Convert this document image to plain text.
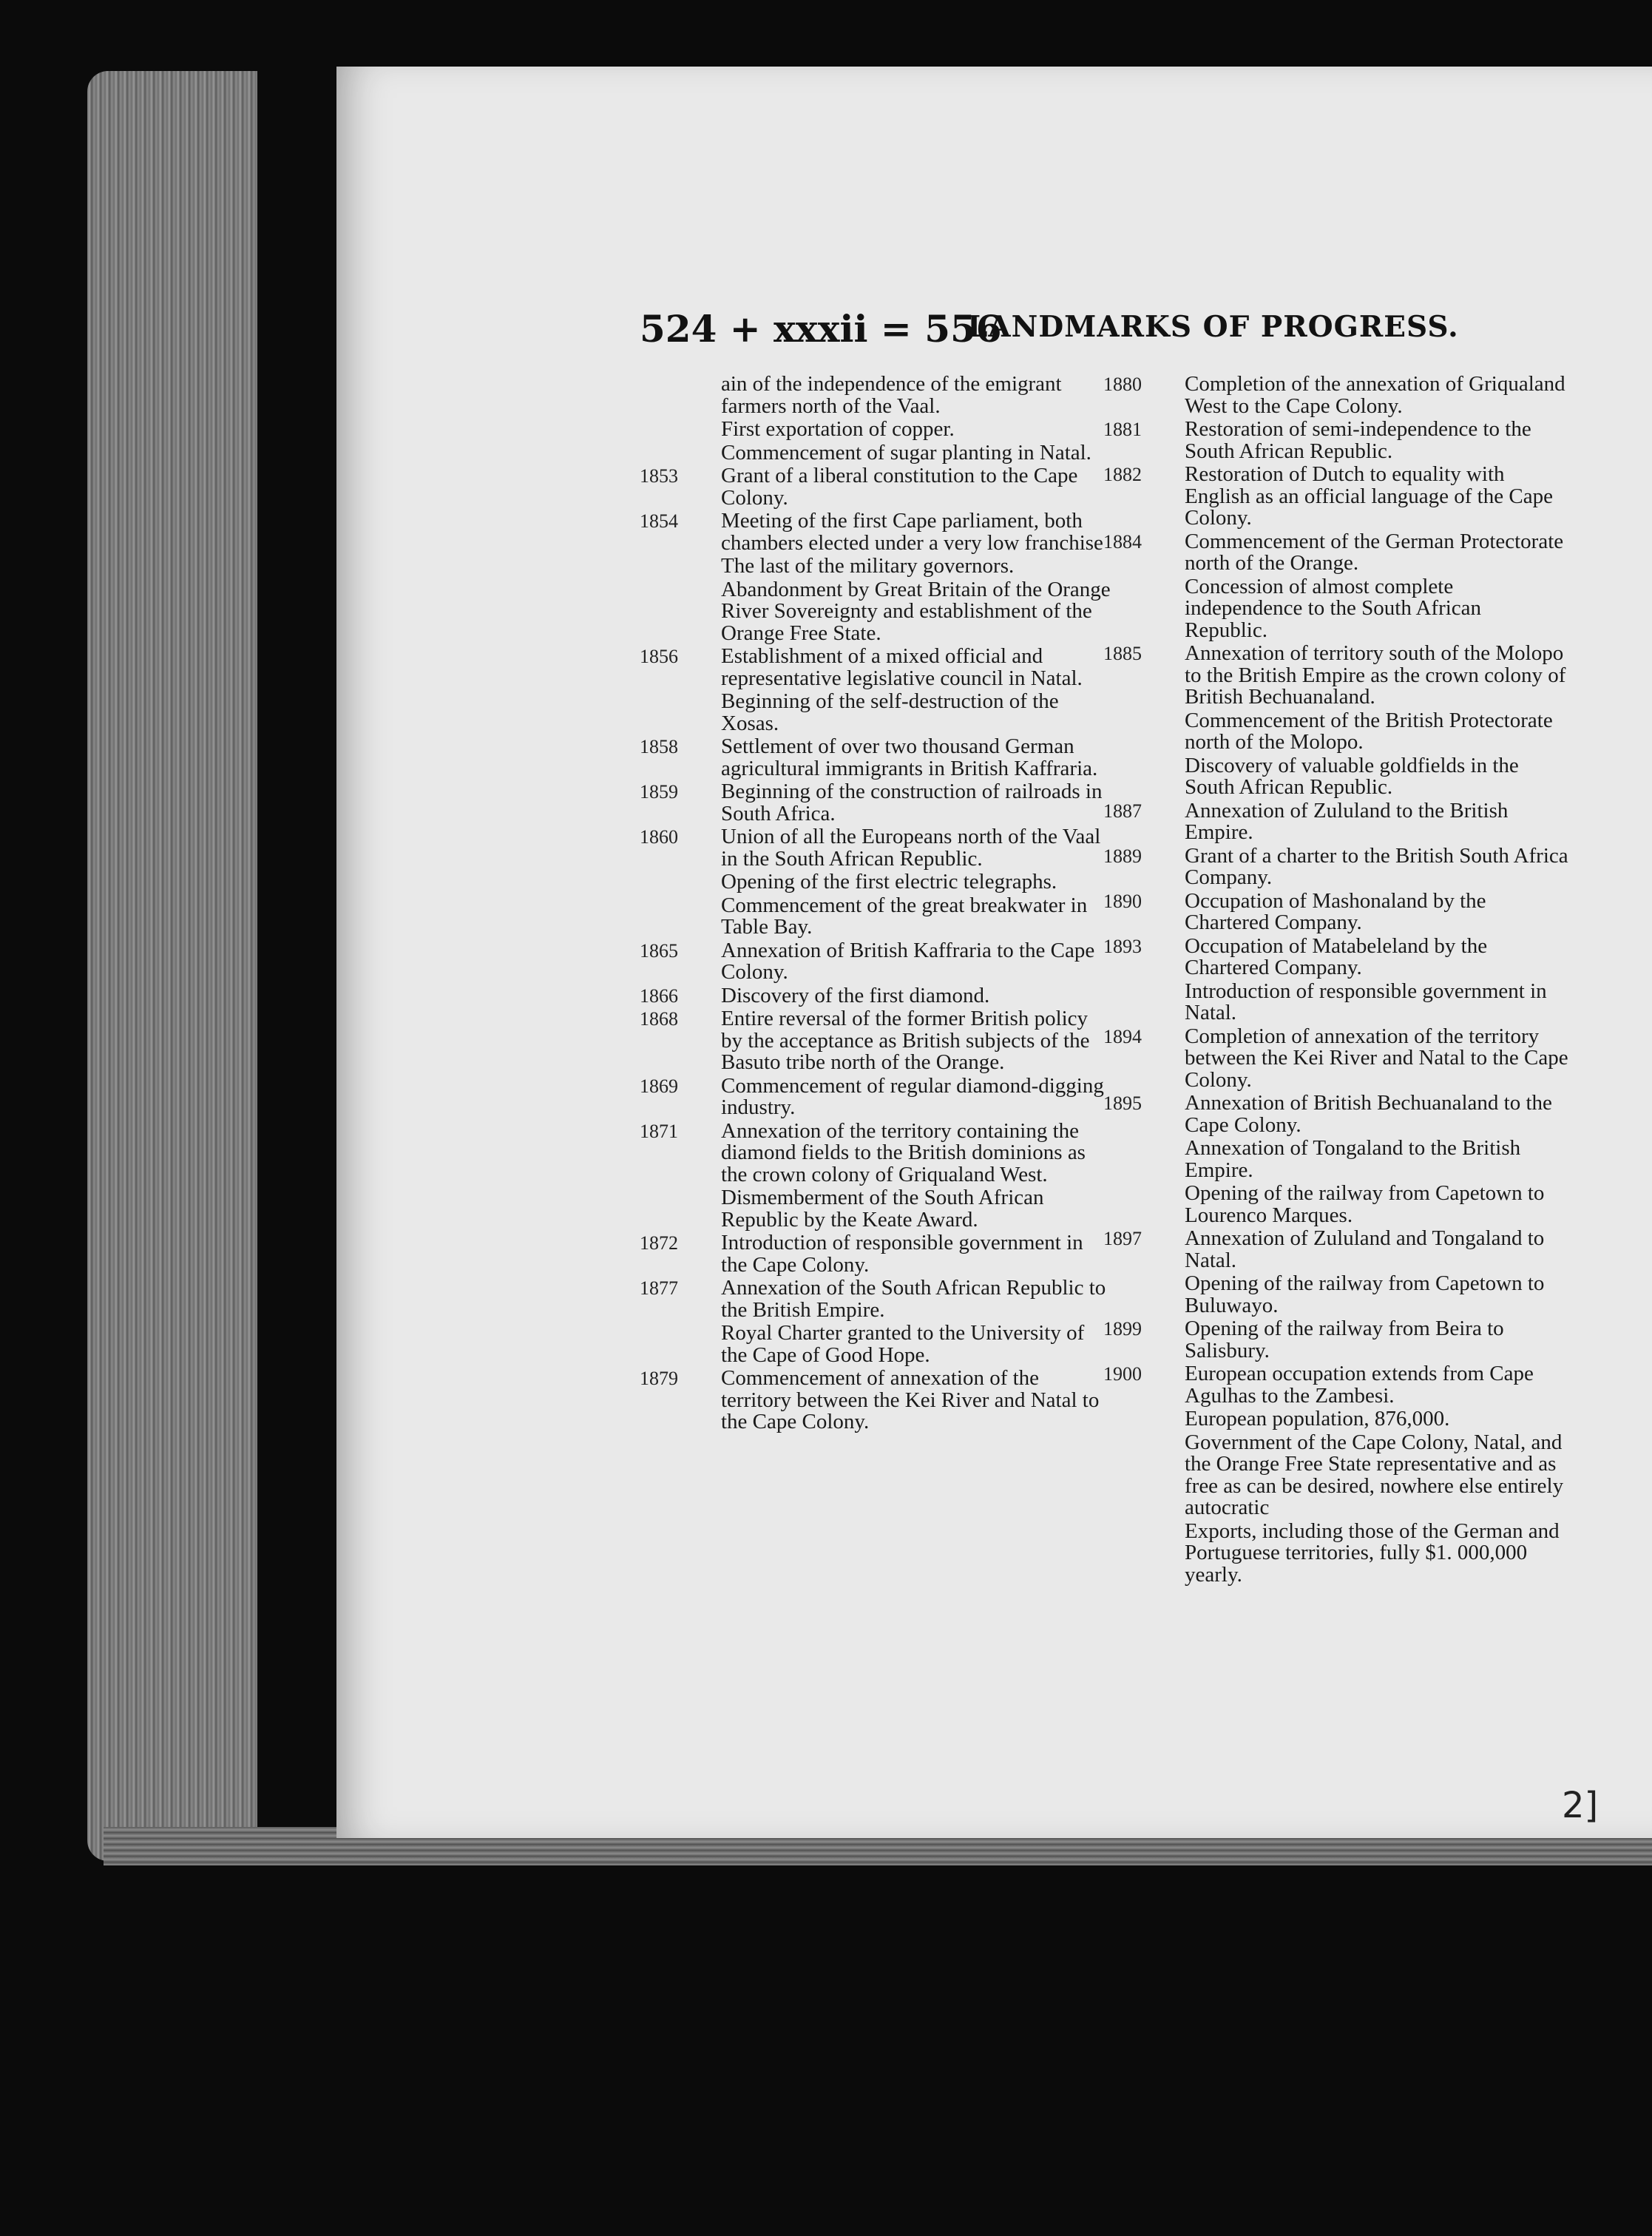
524 + xxxii = 556
LANDMARKS OF PROGRESS.
ain of the independence of the emigrant farmers north of the Vaal.
First exportation of copper.
Commencement of sugar planting in Natal.
1853	Grant of a liberal constitution to the Cape Colony.
1854	Meeting of the first Cape parliament, both chambers elected under a very low franchise
The last of the military governors.
Abandonment by Great Britain of the Orange River Sovereignty and establishment of the Orange Free State.
1856	Establishment of a mixed official and representative legislative council in Natal.
Beginning of the self-destruction of the Xosas.
1858	Settlement of over two thousand German agricultural immigrants in British Kaffraria.
1859	Beginning of the construction of railroads in South Africa.
1860	Union of all the Europeans north of the Vaal in the South African Republic.
Opening of the first electric telegraphs.
Commencement of the great breakwater in Table Bay.
1865	Annexation of British Kaffraria to the Cape Colony.
1866	Discovery of the first diamond.
1868	Entire reversal of the former British policy by the acceptance as British subjects of the Basuto tribe north of the Orange.
1869	Commencement of regular diamond-digging industry.
1871	Annexation of the territory containing the diamond fields to the British dominions as the crown colony of Griqualand West.
Dismemberment of the South African Republic by the Keate Award.
1872	Introduction of responsible government in the Cape Colony.
1877	Annexation of the South African Republic to the British Empire.
Royal Charter granted to the University of the Cape of Good Hope.
1879	Commencement of annexation of the territory between the Kei River and Natal to the Cape Colony.
1880	Completion of the annexation of Griqualand West to the Cape Colony.
1881	Restoration of semi-independence to the South African Republic.
1882	Restoration of Dutch to equality with English as an official language of the Cape Colony.
1884	Commencement of the German Protectorate north of the Orange.
Concession of almost complete independence to the South African Republic.
1885	Annexation of territory south of the Molopo to the British Empire as the crown colony of British Bechuanaland.
Commencement of the British Protectorate north of the Molopo.
Discovery of valuable goldfields in the South African Republic.
1887	Annexation of Zululand to the British Empire.
1889	Grant of a charter to the British South Africa Company.
1890	Occupation of Mashonaland by the Chartered Company.
1893	Occupation of Matabeleland by the Chartered Company.
Introduction of responsible government in Natal.
1894	Completion of annexation of the territory between the Kei River and Natal to the Cape Colony.
1895	Annexation of British Bechuanaland to the Cape Colony.
Annexation of Tongaland to the British Empire.
Opening of the railway from Capetown to Lourenco Marques.
1897	Annexation of Zululand and Tongaland to Natal.
Opening of the railway from Capetown to Buluwayo.
1899	Opening of the railway from Beira to Salisbury.
1900	European occupation extends from Cape Agulhas to the Zambesi.
European population, 876,000.
Government of the Cape Colony, Natal, and the Orange Free State representative and as free as can be desired, nowhere else entirely autocratic
Exports, including those of the German and Portuguese territories, fully $1. 000,000 yearly.
2]
